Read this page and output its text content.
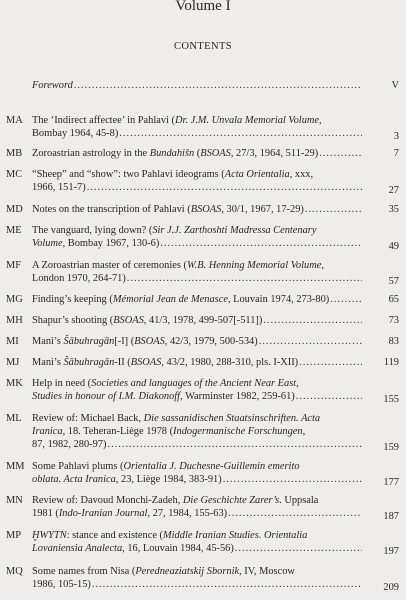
Volume I
CONTENTS
Foreword .....	V
MA The ‘Indirect affectee’ in Pahlavi (Dr. J.M. Unvala Memorial Volume,
Bombay 1964, 45-8) .....	3
MB Zoroastrian astrology in the Bundahišn (BSOAS, 27/3, 1964, 511-29) .....	7
MC “Sheep” and “show”: two Pahlavi ideograms (Acta Orientalia, xxx,
1966, 151-7) .....	27
MD Notes on the transcription of Pahlavi (BSOAS, 30/1, 1967, 17-29) .....	35
ME The vanguard, lying down? (Sir J.J. Zarthoshti Madressa Centenary
Volume, Bombay 1967, 130-6) .....	49
MF A Zoroastrian master of ceremonies (W.B. Henning Memorial Volume,
London 1970, 264-71) .....	57
MG Finding’s keeping (Mémorial Jean de Menasce, Louvain 1974, 273-80) .....	65
MH Shapur’s shooting (BSOAS, 41/3, 1978, 499-507[-511]) .....	73
MI Mani’s Šābuhragān[-I] (BSOAS, 42/3, 1979, 500-534) .....	83
MJ Mani’s Šābuhragān-II (BSOAS, 43/2, 1980, 288-310, pls. I-XII) .....	119
MK Help in need (Societies and languages of the Ancient Near East,
Studies in honour of I.M. Diakonoff, Warminster 1982, 259-61) .....	155
ML Review of: Michael Back, Die sassanidischen Staatsinschriften. Acta
Iranica, 18. Teheran-Liège 1978 (Indogermanische Forschungen,
87, 1982, 280-97) .....	159
MM Some Pahlavi plums (Orientalia J. Duchesne-Guillemin emerito
oblata. Acta Iranica, 23, Liège 1984, 383-91) .....	177
MN Review of: Davoud Monchi-Zadeh, Die Geschichte Zarer’s. Uppsala
1981 (Indo-Iranian Journal, 27, 1984, 155-63) .....	187
MP ḪWYTN: stance and existence (Middle Iranian Studies. Orientalia
Lovaniensia Analecta, 16, Louvain 1984, 45-56) .....	197
MQ Some names from Nisa (Peredneaziatskij Sbornik, IV, Moscow
1986, 105-15) .....	209
